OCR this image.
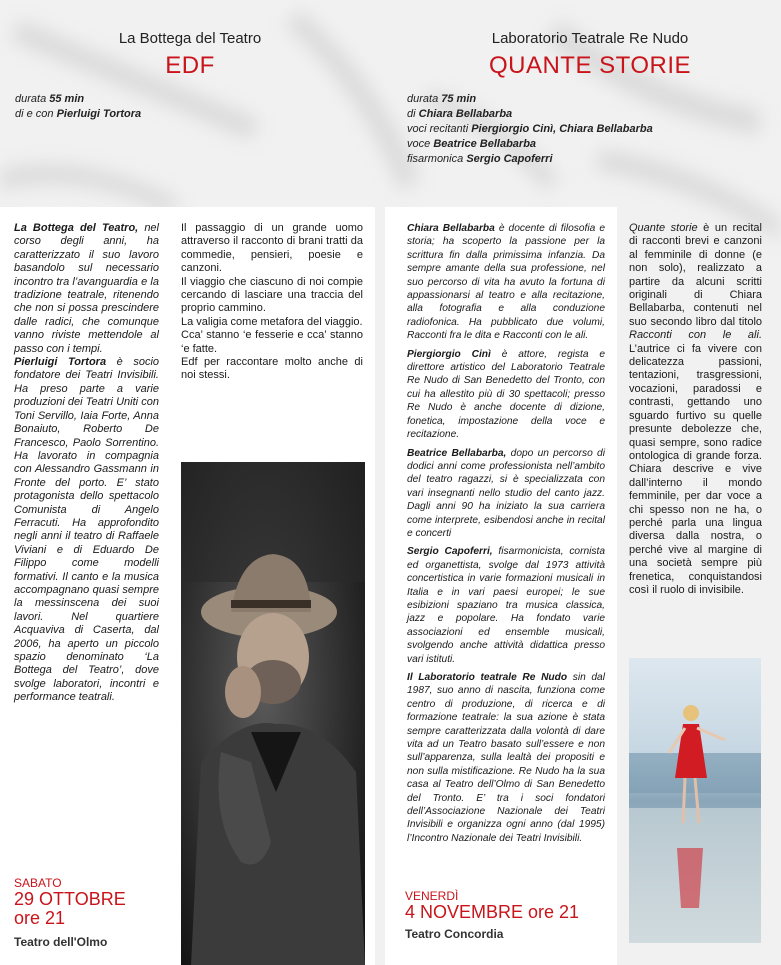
La Bottega del Teatro
EDF
durata 55 min
di e con Pierluigi Tortora
Laboratorio Teatrale Re Nudo
QUANTE STORIE
durata 75 min
di Chiara Bellabarba
voci recitanti Piergiorgio Cinì, Chiara Bellabarba
voce Beatrice Bellabarba
fisarmonica Sergio Capoferri

La Bottega del Teatro, nel corso degli anni, ha caratterizzato il suo lavoro basandolo sul necessario incontro tra l’avanguardia e la tradizione teatrale, ritenendo che non si possa prescindere dalle radici, che comunque vanno riviste mettendole al passo con i tempi.

Pierluigi Tortora è socio fondatore dei Teatri Invisibili. Ha preso parte a varie produzioni dei Teatri Uniti con Toni Servillo, Iaia Forte, Anna Bonaiuto, Roberto De Francesco, Paolo Sorrentino. Ha lavorato in compagnia con Alessandro Gassmann in Fronte del porto. E’ stato protagonista dello spettacolo Comunista di Angelo Ferracuti. Ha approfondito negli anni il teatro di Raffaele Viviani e di Eduardo De Filippo come modelli formativi. Il canto e la musica accompagnano quasi sempre la messinscena dei suoi lavori. Nel quartiere Acquaviva di Caserta, dal 2006, ha aperto un piccolo spazio denominato ‘La Bottega del Teatro’, dove svolge laboratori, incontri e performance teatrali.

Il passaggio di un grande uomo attraverso il racconto di brani tratti da commedie, pensieri, poesie e canzoni.

Il viaggio che ciascuno di noi compie cercando di lasciare una traccia del proprio cammino.

La valigia come metafora del viaggio.

Cca’ stanno ‘e fesserie e cca’ stanno ‘e fatte.

Edf per raccontare molto anche di noi stessi.

SABATO
29 OTTOBRE
ore 21
Teatro dell'Olmo

Chiara Bellabarba è docente di filosofia e storia; ha scoperto la passione per la scrittura fin dalla primissima infanzia. Da sempre amante della sua professione, nel suo percorso di vita ha avuto la fortuna di appassionarsi al teatro e alla recitazione, alla fotografia e alla conduzione radiofonica. Ha pubblicato due volumi, Racconti fra le dita e Racconti con le ali.

Piergiorgio Cinì è attore, regista e direttore artistico del Laboratorio Teatrale Re Nudo di San Benedetto del Tronto, con cui ha allestito più di 30 spettacoli; presso Re Nudo è anche docente di dizione, fonetica, impostazione della voce e recitazione.

Beatrice Bellabarba, dopo un percorso di dodici anni come professionista nell’ambito del teatro ragazzi, si è specializzata con vari insegnanti nello studio del canto jazz. Dagli anni 90 ha iniziato la sua carriera come interprete, esibendosi anche in recital e concerti

Sergio Capoferri, fisarmonicista, cornista ed organettista, svolge dal 1973 attività concertistica in varie formazioni musicali in Italia e in vari paesi europei; le sue esibizioni spaziano tra musica classica, jazz e popolare. Ha fondato varie associazioni ed ensemble musicali, svolgendo anche attività didattica presso vari istituti.

Il Laboratorio teatrale Re Nudo sin dal 1987, suo anno di nascita, funziona come centro di produzione, di ricerca e di formazione teatrale: la sua azione è stata sempre caratterizzata dalla volontà di dare vita ad un Teatro basato sull’essere e non sull’apparenza, sulla lealtà dei propositi e non sulla mistificazione. Re Nudo ha la sua casa al Teatro dell’Olmo di San Benedetto del Tronto. E’ tra i soci fondatori dell’Associazione Nazionale dei Teatri Invisibili e organizza ogni anno (dal 1995) l’Incontro Nazionale dei Teatri Invisibili.

VENERDÌ
4 NOVEMBRE ore 21
Teatro Concordia

Quante storie è un recital di racconti brevi e canzoni al femminile di donne (e non solo), realizzato a partire da alcuni scritti originali di Chiara Bellabarba, contenuti nel suo secondo libro dal titolo Racconti con le ali. L’autrice ci fa vivere con delicatezza passioni, tentazioni, trasgressioni, vocazioni, paradossi e contrasti, gettando uno sguardo furtivo su quelle presunte debolezze che, quasi sempre, sono radice ontologica di grande forza. Chiara descrive e vive dall’interno il mondo femminile, per dar voce a chi spesso non ne ha, o perché parla una lingua diversa dalla nostra, o perché vive al margine di una società sempre più frenetica, conquistandosi così il ruolo di invisibile.
